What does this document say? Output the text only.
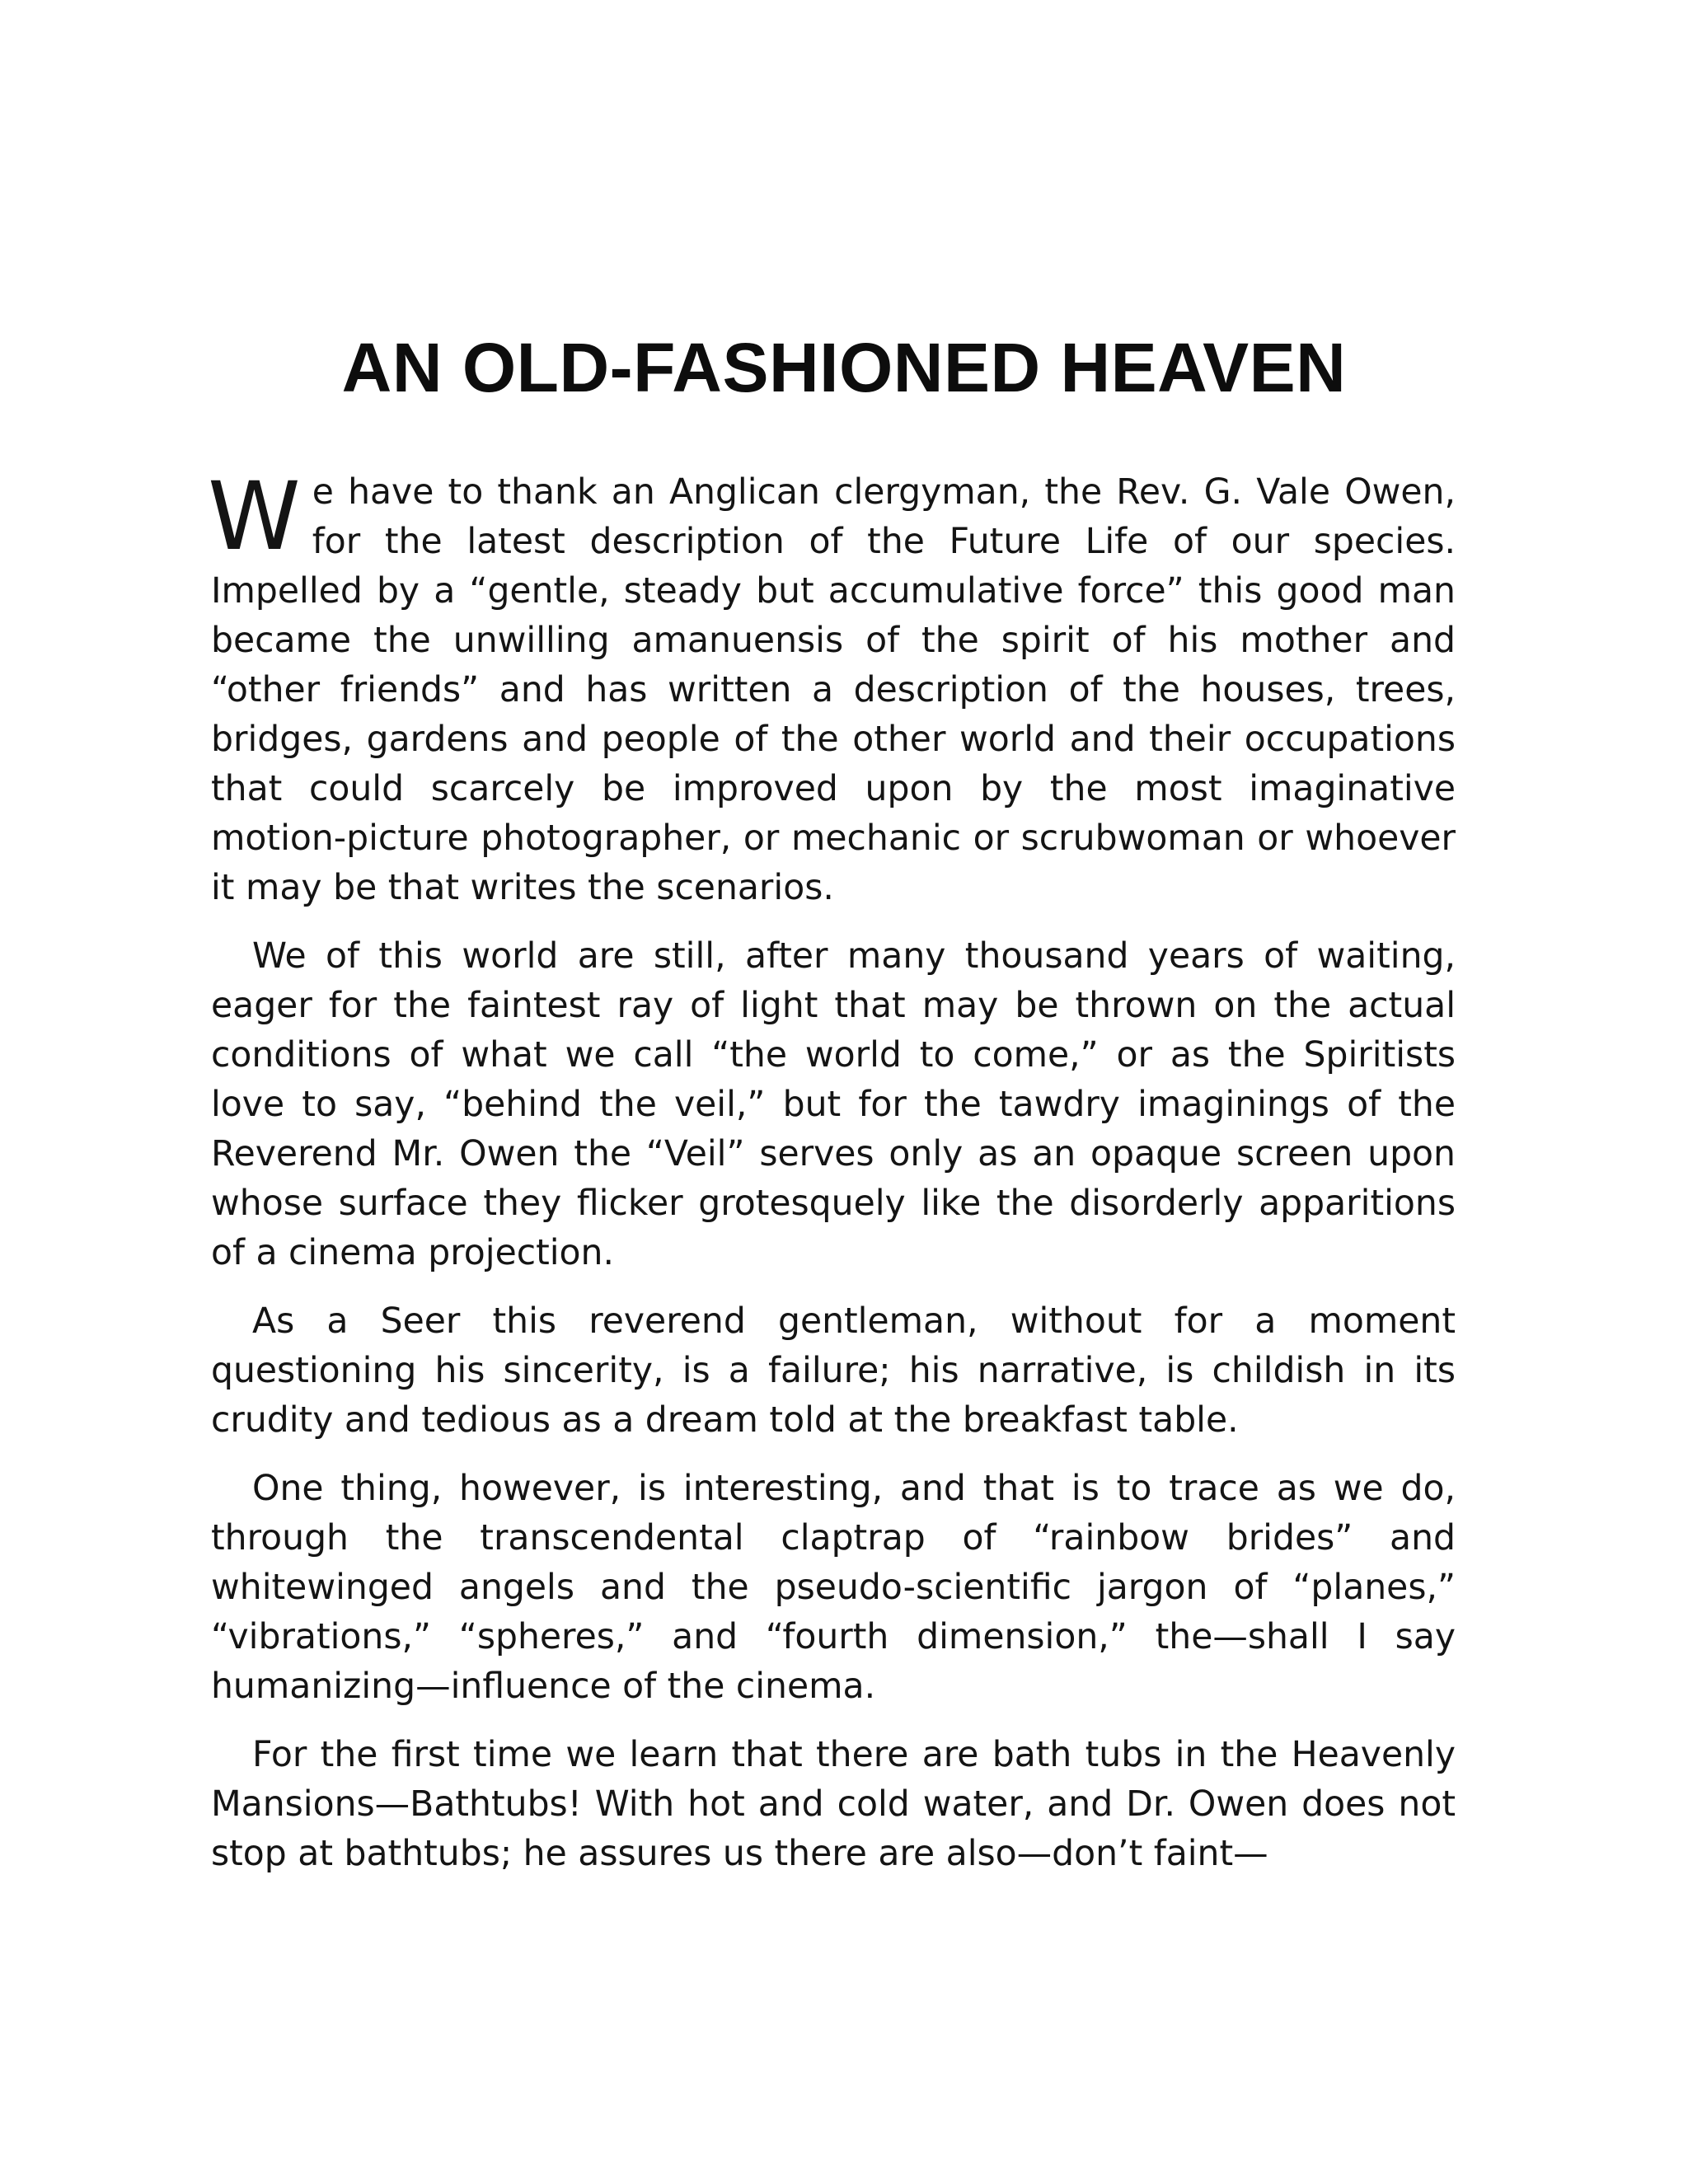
AN OLD-FASHIONED HEAVEN

We have to thank an Anglican clergyman, the Rev. G. Vale Owen, for the latest description of the Future Life of our species. Impelled by a “gentle, steady but accumulative force” this good man became the unwilling amanuensis of the spirit of his mother and “other friends” and has written a description of the houses, trees, bridges, gardens and people of the other world and their occupations that could scarcely be improved upon by the most imaginative motion-picture photographer, or mechanic or scrubwoman or whoever it may be that writes the scenarios.

We of this world are still, after many thousand years of waiting, eager for the faintest ray of light that may be thrown on the actual conditions of what we call “the world to come,” or as the Spiritists love to say, “behind the veil,” but for the tawdry imaginings of the Reverend Mr. Owen the “Veil” serves only as an opaque screen upon whose surface they flicker grotesquely like the disorderly apparitions of a cinema projection.

As a Seer this reverend gentleman, without for a moment questioning his sincerity, is a failure; his narrative, is childish in its crudity and tedious as a dream told at the breakfast table.

One thing, however, is interesting, and that is to trace as we do, through the transcendental claptrap of “rainbow brides” and whitewinged angels and the pseudo-scientific jargon of “planes,” “vibrations,” “spheres,” and “fourth dimension,” the—shall I say humanizing—influence of the cinema.

For the first time we learn that there are bath tubs in the Heavenly Mansions—Bathtubs! With hot and cold water, and Dr. Owen does not stop at bathtubs; he assures us there are also—don’t faint—
